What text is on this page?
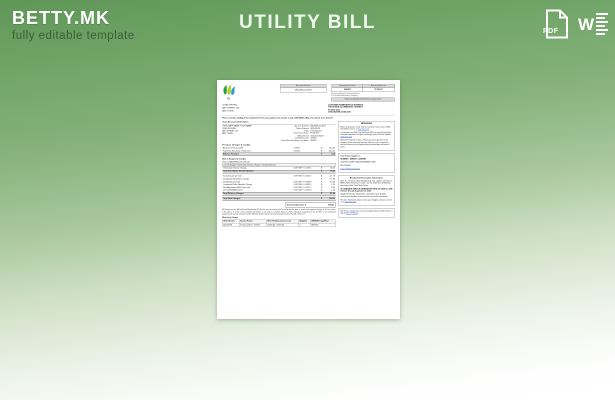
BETTY.MK
fully editable template
UTILITY BILL	PDF W
UI
Account Number
080-0000-22-4567
Payment Due Date	Amount Now Due
3/06/22	$ 158.51
Please make your check payable to:
The United Illuminating Company
Please Include Account Number on your check
JOHN STEVEN
ANY STREET 123
ANY TOWN
CUSTOMER NAME/SERVICE ADDRESS:
THE UNITED ILLUMINATING COMPANY
PO BOX 9230
CHELSEA MA 02150-9230
Please consider adding $1 for Operation Fuel to your payment for month, or call 1-800-NEXT-CALL-U to donate more than $1.
Your Account Information
CUSTOMER NAME YOUR NAME
JOHN STEVEN
ANY STREET 123
ANY TOWN
Account Number: 080-0000-22-4567
Meter Number: M23-45678
Rate: R Residential
Connection Status: Fixed Rate
Billing Period: 2/14/22-3/16/22
Settlement Date: 3/16/22
Next Meter Reading On or About: 4/14/22
Previous Charges & Credits
Amount of Previous Bill	2/09/22	$	142.41
Payments Received. Thank You!	2/28/22	$	-142.41
Balance Forward	$	0.00
New Charges & Credits
POD: 12345678910 (CYCLE 51)
Current Supplier / Generation Service Charges - Standard Service
Generation Service Charge	668 KWH X 0.11876	$	76.52
Total Generation Service Amount	$	76.52
Transmission per kwh	668 KWH X 0.03262	$	21.79
Distribution Base/Serv Charge	$	17.06
Distribution per kwh	668 KWH X 0.04889	$	32.66
Combined Public Benefits Charge	668 KWH X 0.00854	$	5.70
Rev Adjustment FMCC per kwh	668 KWH X 0.01275	$	8.52
Decoupling Adjustment	668 KWH X 0.00184	$	1.23
Total Delivery Charges	$	81.99
Total New Charges	$	158.51
Amount Now Due $	158.51
All charges on this bill for United Illuminating (UI) electric service must be paid in full by the due date to avoid a late payment charge of 1% per month. If the rate or % of the current month's bill amount is not paid on or before March 1, 2023, making your payment at the UI office or an authorized payment agency may not post until the following business day. If you have questions about this bill, contact us.
Electricity Usage
Meter Number	Service Period	Meter Reading Current / Last	Multiplier	kWh/kW Usage/Hours
M23-45678	32 days 2/14/22 - 3/16/22	12345 (A) - 11677 (A)	1	668 kWh
MESSAGES

Hours of operation: 7a-7p. Call our Customer Care Center at 800-722-5584 or visit us at www.uinet.com

To alternate, use eBill / Pay-by-Phone (EFT) or easy & hassle-free automatic payments from your checking account. Visit our website www.uinet.com

Welcome! Payment Centers: Please pay close attention to the changes of fees and rates that may affect you. UI is required to disclose how we use and protect your personal data and service terms.

Your electric supplier is:

NUMBER 1 ENERGY COMPANY

12345 BIG LIGHT ROAD, ANYWHERE 12345

800-123-4567

www.number1energy.com

Residential Generation Information

Rate "R" - UI Service Rate (Residential). Your supplier rate Power is $/kWh. Rate Period: Jan 1, 2022 - Jun 30, 2022. Term (3 Months): Generation Rate / Next Meter Read:

UI STANDARD SERVICE GENERATION RATE: $0.10589 per kWh effective through September 30, 2022.

Supplier/Generation information is provided to your Supplier. Contact your Supplier to verify the accuracy of the information.

For more information please review your Supplier contract or email us at www.uinet.com

For electric emergencies or power outages please call UI 24 hours a day at 800-7-PGEB-U1
